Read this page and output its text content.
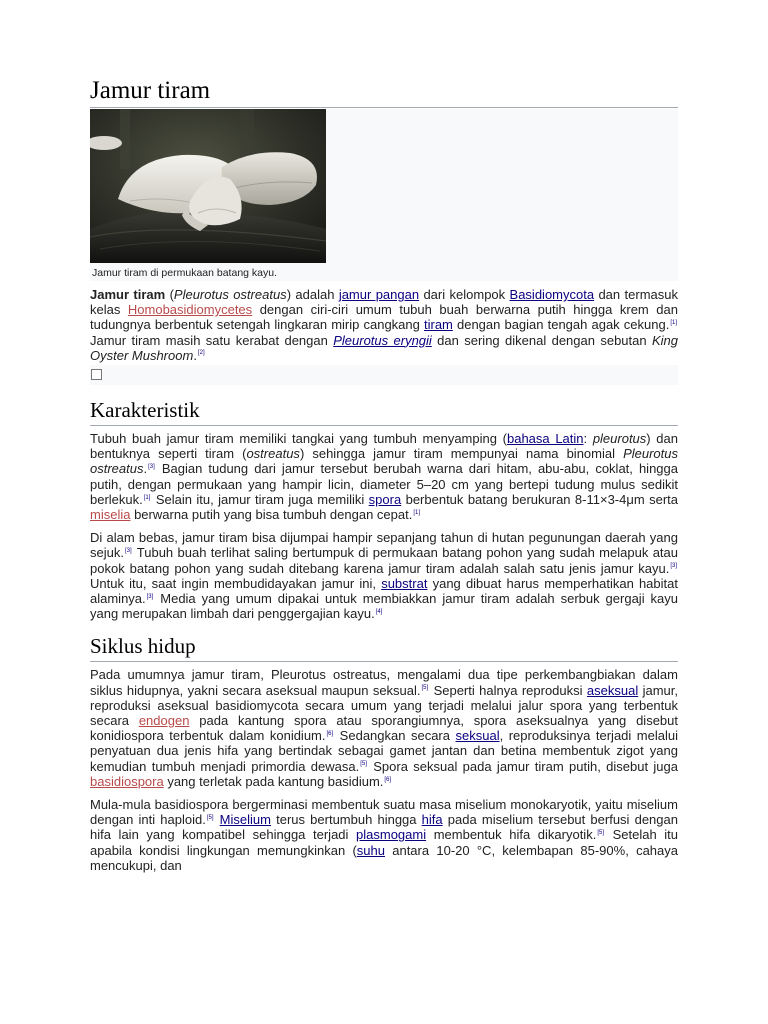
Jamur tiram
Jamur tiram di permukaan batang kayu.

Jamur tiram (Pleurotus ostreatus) adalah jamur pangan dari kelompok Basidiomycota dan termasuk kelas Homobasidiomycetes dengan ciri-ciri umum tubuh buah berwarna putih hingga krem dan tudungnya berbentuk setengah lingkaran mirip cangkang tiram dengan bagian tengah agak cekung.[1] Jamur tiram masih satu kerabat dengan Pleurotus eryngii dan sering dikenal dengan sebutan King Oyster Mushroom.[2]

Karakteristik

Tubuh buah jamur tiram memiliki tangkai yang tumbuh menyamping (bahasa Latin: pleurotus) dan bentuknya seperti tiram (ostreatus) sehingga jamur tiram mempunyai nama binomial Pleurotus ostreatus.[3] Bagian tudung dari jamur tersebut berubah warna dari hitam, abu-abu, coklat, hingga putih, dengan permukaan yang hampir licin, diameter 5–20 cm yang bertepi tudung mulus sedikit berlekuk.[1] Selain itu, jamur tiram juga memiliki spora berbentuk batang berukuran 8-11×3-4μm serta miselia berwarna putih yang bisa tumbuh dengan cepat.[1]

Di alam bebas, jamur tiram bisa dijumpai hampir sepanjang tahun di hutan pegunungan daerah yang sejuk.[3] Tubuh buah terlihat saling bertumpuk di permukaan batang pohon yang sudah melapuk atau pokok batang pohon yang sudah ditebang karena jamur tiram adalah salah satu jenis jamur kayu.[3] Untuk itu, saat ingin membudidayakan jamur ini, substrat yang dibuat harus memperhatikan habitat alaminya.[3] Media yang umum dipakai untuk membiakkan jamur tiram adalah serbuk gergaji kayu yang merupakan limbah dari penggergajian kayu.[4]

Siklus hidup

Pada umumnya jamur tiram, Pleurotus ostreatus, mengalami dua tipe perkembangbiakan dalam siklus hidupnya, yakni secara aseksual maupun seksual.[5] Seperti halnya reproduksi aseksual jamur, reproduksi aseksual basidiomycota secara umum yang terjadi melalui jalur spora yang terbentuk secara endogen pada kantung spora atau sporangiumnya, spora aseksualnya yang disebut konidiospora terbentuk dalam konidium.[6] Sedangkan secara seksual, reproduksinya terjadi melalui penyatuan dua jenis hifa yang bertindak sebagai gamet jantan dan betina membentuk zigot yang kemudian tumbuh menjadi primordia dewasa.[5] Spora seksual pada jamur tiram putih, disebut juga basidiospora yang terletak pada kantung basidium.[6]

Mula-mula basidiospora bergerminasi membentuk suatu masa miselium monokaryotik, yaitu miselium dengan inti haploid.[5] Miselium terus bertumbuh hingga hifa pada miselium tersebut berfusi dengan hifa lain yang kompatibel sehingga terjadi plasmogami membentuk hifa dikaryotik.[5] Setelah itu apabila kondisi lingkungan memungkinkan (suhu antara 10-20 °C, kelembapan 85-90%, cahaya mencukupi, dan
